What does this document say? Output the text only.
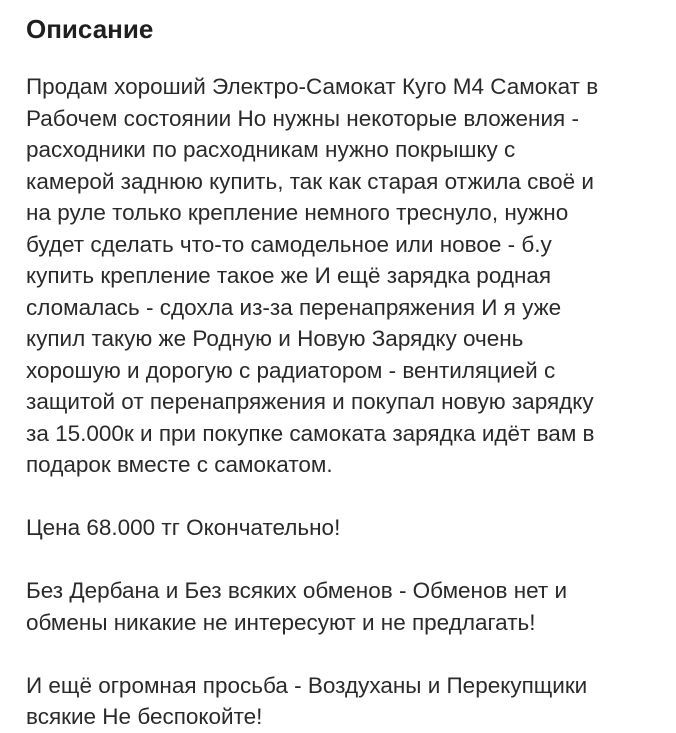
Описание

Продам хороший Электро-Самокат Куго М4 Самокат в
Рабочем состоянии Но нужны некоторые вложения -
расходники по расходникам нужно покрышку с
камерой заднюю купить, так как старая отжила своё и
на руле только крепление немного треснуло, нужно
будет сделать что-то самодельное или новое - б.у
купить крепление такое же И ещё зарядка родная
сломалась - сдохла из-за перенапряжения И я уже
купил такую же Родную и Новую Зарядку очень
хорошую и дорогую с радиатором - вентиляцией с
защитой от перенапряжения и покупал новую зарядку
за 15.000к и при покупке самоката зарядка идёт вам в
подарок вместе с самокатом.

Цена 68.000 тг Окончательно!

Без Дербана и Без всяких обменов - Обменов нет и
обмены никакие не интересуют и не предлагать!

И ещё огромная просьба - Воздуханы и Перекупщики
всякие Не беспокойте!
